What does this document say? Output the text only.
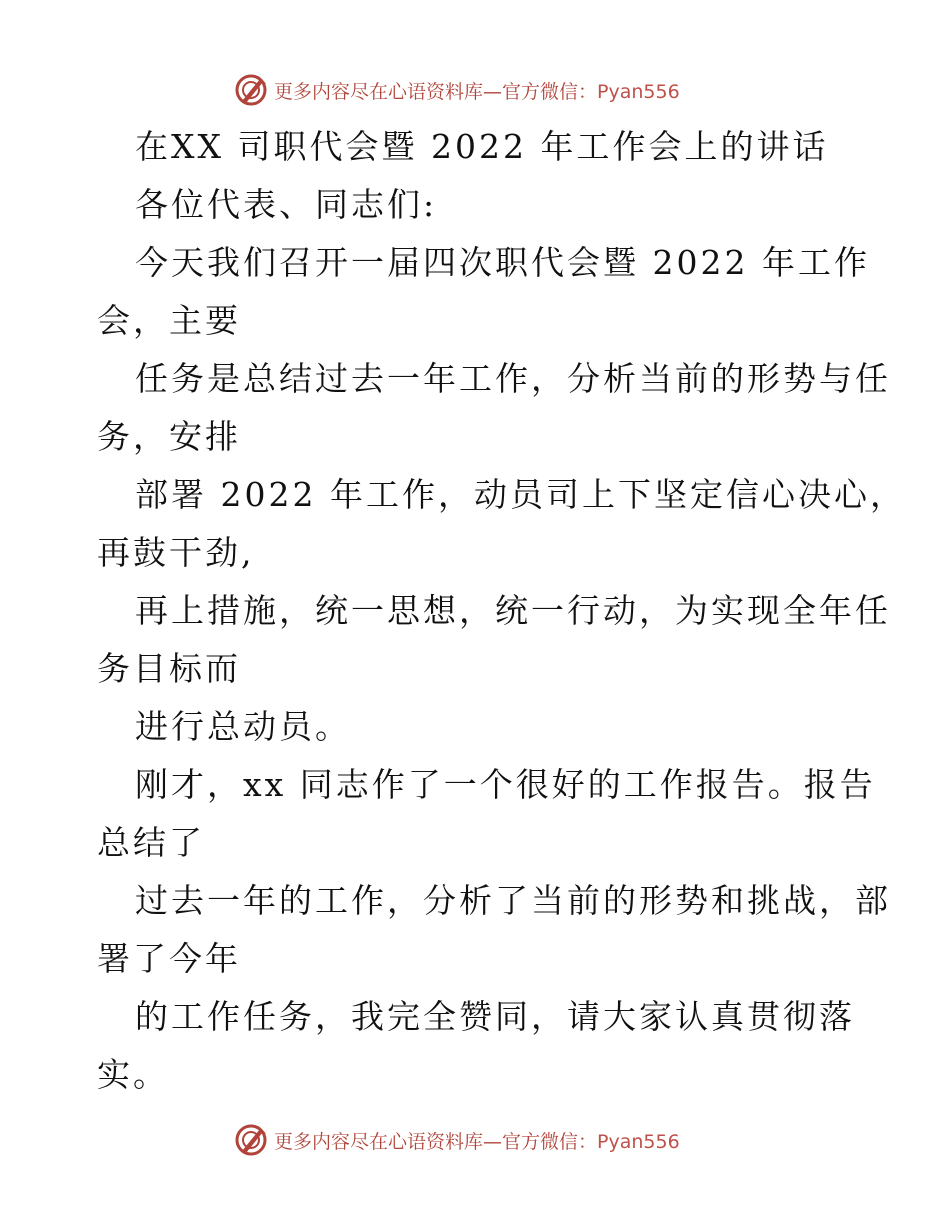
更多内容尽在心语资料库—官方微信：Pyan556
在XX 司职代会暨 2022 年工作会上的讲话
各位代表、同志们:
今天我们召开一届四次职代会暨 2022 年工作
会，主要
任务是总结过去一年工作，分析当前的形势与任
务，安排
部署 2022 年工作，动员司上下坚定信心决心，
再鼓干劲,
再上措施，统一思想，统一行动，为实现全年任
务目标而
进行总动员。
刚才，xx 同志作了一个很好的工作报告。报告
总结了
过去一年的工作，分析了当前的形势和挑战，部
署了今年
的工作任务，我完全赞同，请大家认真贯彻落
实。
更多内容尽在心语资料库—官方微信：Pyan556
